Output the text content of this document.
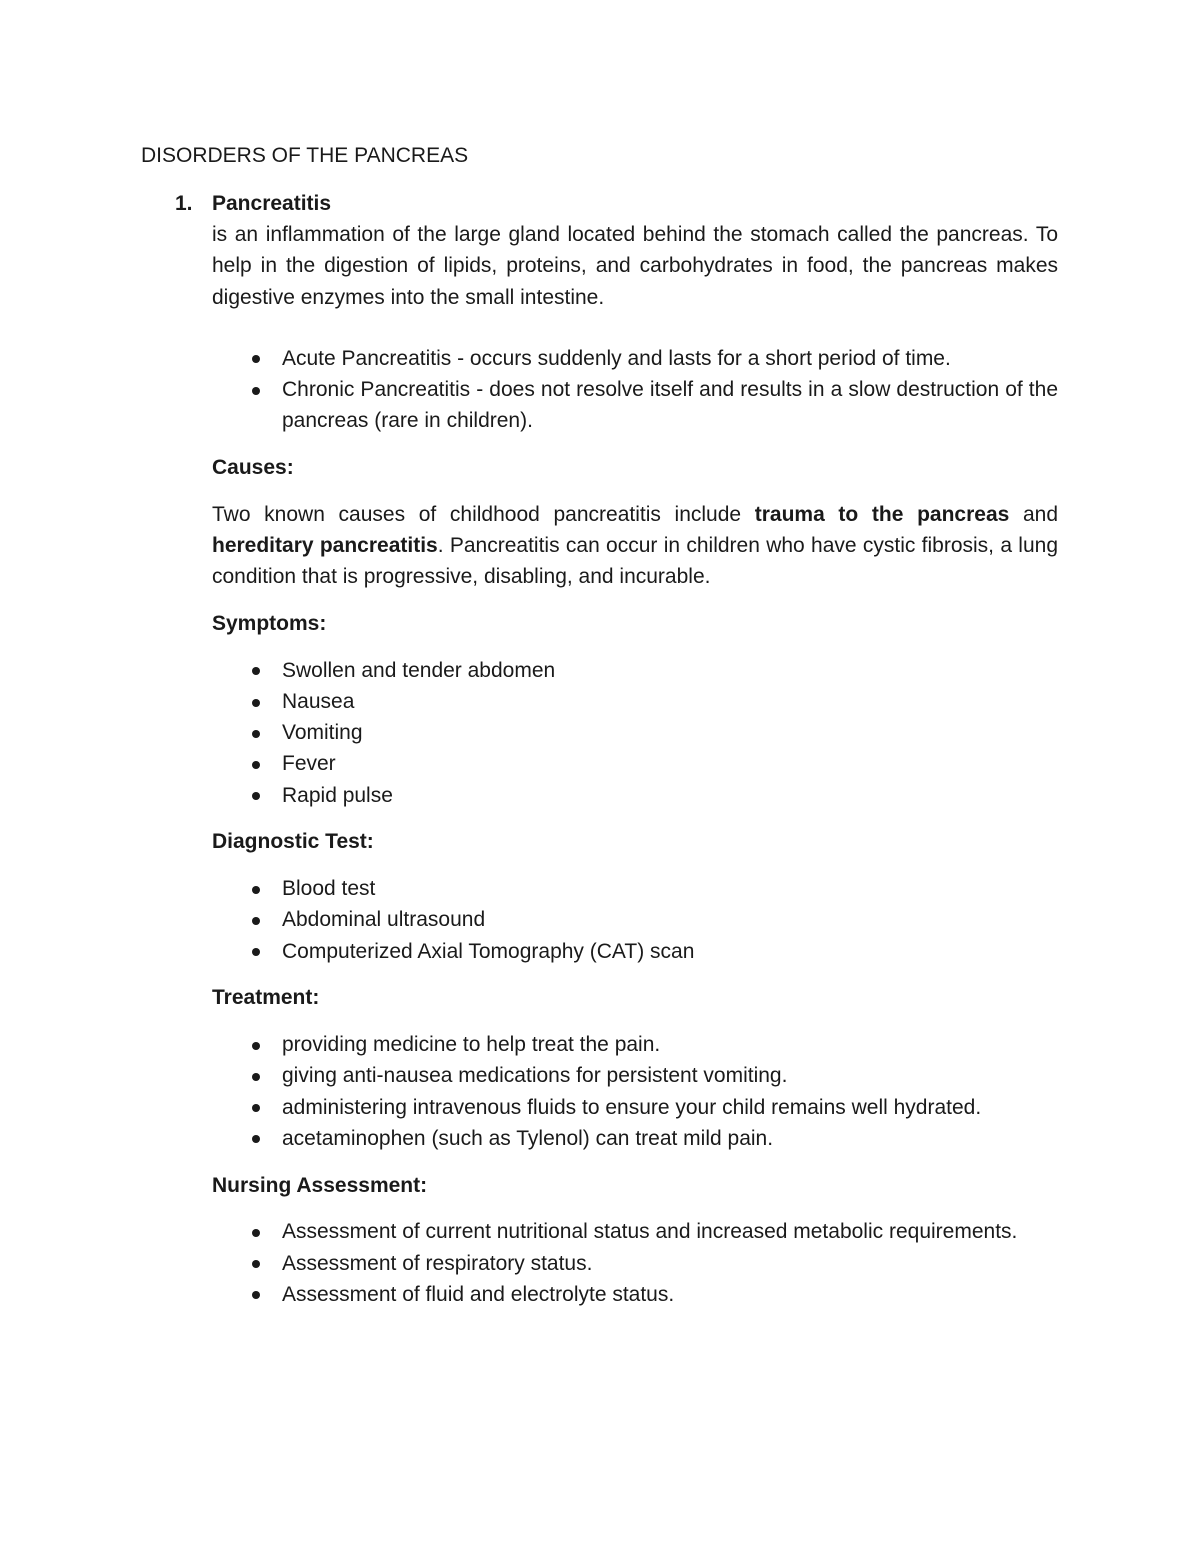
DISORDERS OF THE PANCREAS
1. Pancreatitis

is an inflammation of the large gland located behind the stomach called the pancreas. To help in the digestion of lipids, proteins, and carbohydrates in food, the pancreas makes digestive enzymes into the small intestine.

Acute Pancreatitis - occurs suddenly and lasts for a short period of time.
Chronic Pancreatitis - does not resolve itself and results in a slow destruction of the pancreas (rare in children).

Causes:

Two known causes of childhood pancreatitis include trauma to the pancreas and hereditary pancreatitis. Pancreatitis can occur in children who have cystic fibrosis, a lung condition that is progressive, disabling, and incurable.

Symptoms:

Swollen and tender abdomen
Nausea
Vomiting
Fever
Rapid pulse

Diagnostic Test:

Blood test
Abdominal ultrasound
Computerized Axial Tomography (CAT) scan

Treatment:

providing medicine to help treat the pain.
giving anti-nausea medications for persistent vomiting.
administering intravenous fluids to ensure your child remains well hydrated.
acetaminophen (such as Tylenol) can treat mild pain.

Nursing Assessment:

Assessment of current nutritional status and increased metabolic requirements.
Assessment of respiratory status.
Assessment of fluid and electrolyte status.
